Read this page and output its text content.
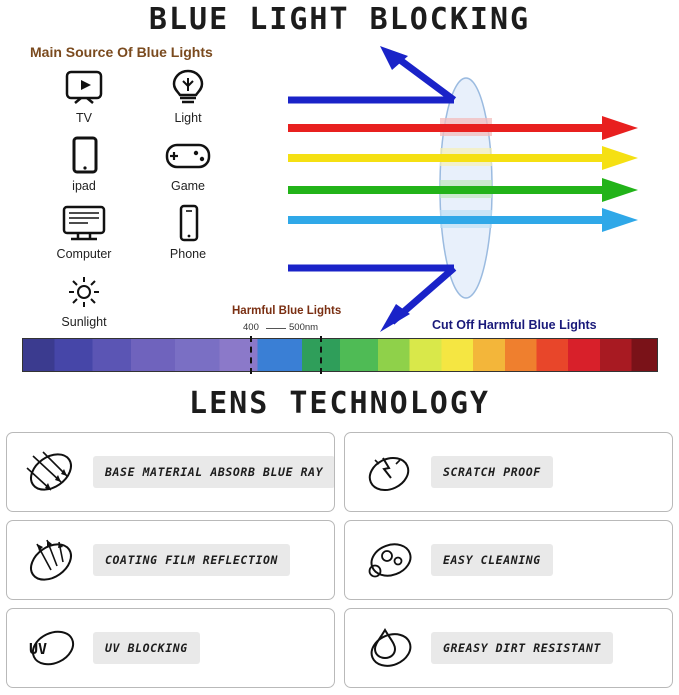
BLUE LIGHT BLOCKING
Main Source Of Blue Lights
TV	Light
ipad	Game
Computer	Phone
Sunlight
Harmful Blue Lights
400	500nm	Cut Off Harmful Blue Lights
LENS TECHNOLOGY
BASE MATERIAL ABSORB BLUE RAY	SCRATCH PROOF
COATING FILM REFLECTION	EASY CLEANING
UV	UV BLOCKING	GREASY DIRT RESISTANT
